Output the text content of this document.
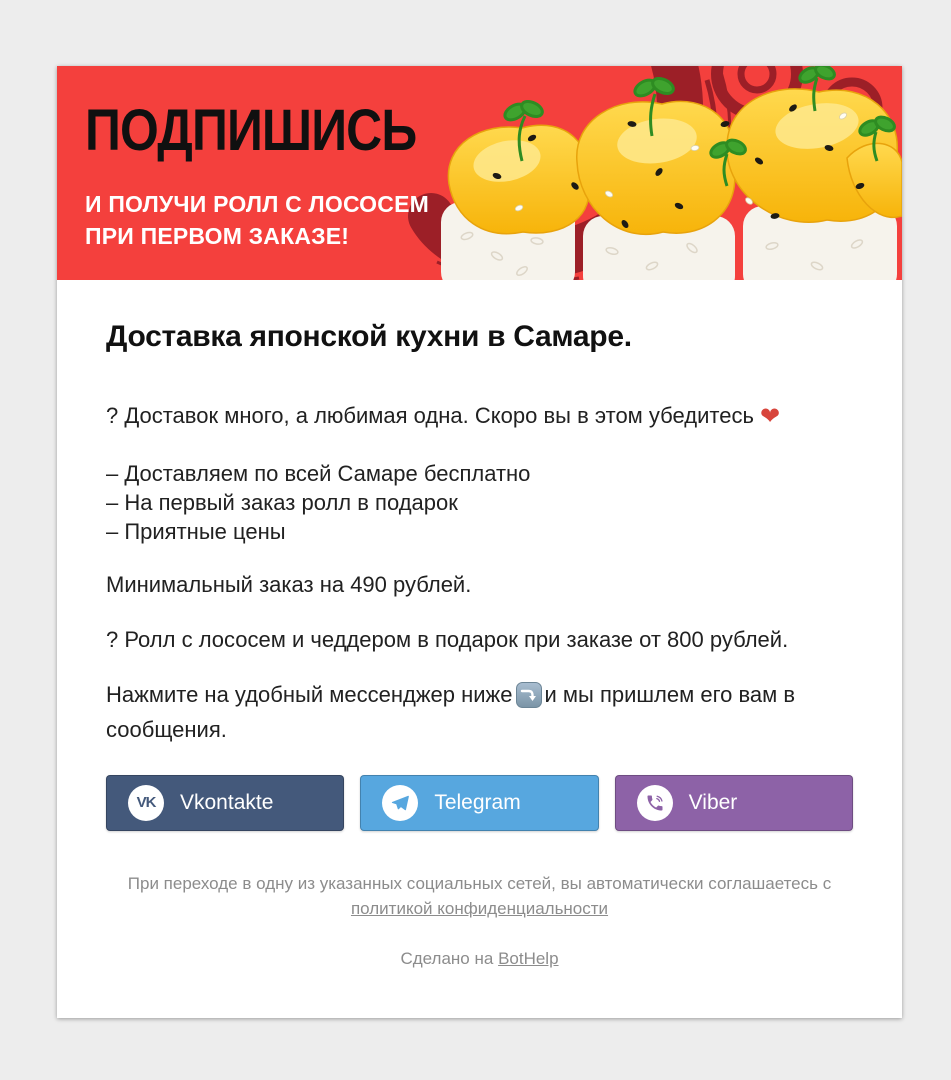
ПОДПИШИСЬ
И ПОЛУЧИ РОЛЛ С ЛОСОСЕМ
ПРИ ПЕРВОМ ЗАКАЗЕ!
Доставка японской кухни в Самаре.

? Доставок много, а любимая одна. Скоро вы в этом убедитесь ❤

– Доставляем по всей Самаре бесплатно

– На первый заказ ролл в подарок

– Приятные цены

Минимальный заказ на 490 рублей.

? Ролл с лососем и чеддером в подарок при заказе от 800 рублей.

Нажмите на удобный мессенджер ниже и мы пришлем его вам в сообщения.

VK Vkontakte	Telegram	Viber

При переходе в одну из указанных социальных сетей, вы автоматически соглашаетесь с политикой конфиденциальности

Сделано на BotHelp
